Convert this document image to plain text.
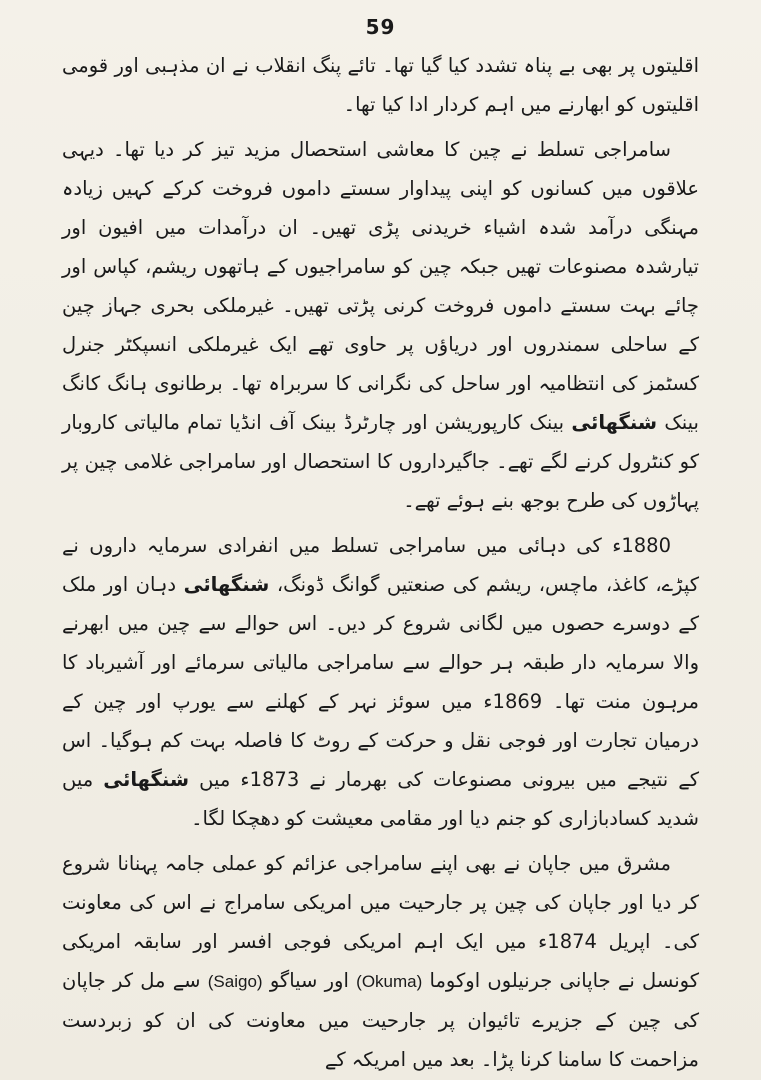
59

اقلیتوں پر بھی بے پناہ تشدد کیا گیا تھا۔ تائے پنگ انقلاب نے ان مذہبی اور قومی اقلیتوں کو ابھارنے میں اہم کردار ادا کیا تھا۔

سامراجی تسلط نے چین کا معاشی استحصال مزید تیز کر دیا تھا۔ دیہی علاقوں میں کسانوں کو اپنی پیداوار سستے داموں فروخت کرکے کہیں زیادہ مہنگی درآمد شدہ اشیاء خریدنی پڑی تھیں۔ ان درآمدات میں افیون اور تیارشدہ مصنوعات تھیں جبکہ چین کو سامراجیوں کے ہاتھوں ریشم، کپاس اور چائے بہت سستے داموں فروخت کرنی پڑتی تھیں۔ غیرملکی بحری جہاز چین کے ساحلی سمندروں اور دریاؤں پر حاوی تھے ایک غیرملکی انسپکٹر جنرل کسٹمز کی انتظامیہ اور ساحل کی نگرانی کا سربراہ تھا۔ برطانوی ہانگ کانگ بینک شنگھائی بینک کارپوریشن اور چارٹرڈ بینک آف انڈیا تمام مالیاتی کاروبار کو کنٹرول کرنے لگے تھے۔ جاگیرداروں کا استحصال اور سامراجی غلامی چین پر پہاڑوں کی طرح بوجھ بنے ہوئے تھے۔

1880ء کی دہائی میں سامراجی تسلط میں انفرادی سرمایہ داروں نے کپڑے، کاغذ، ماچس، ریشم کی صنعتیں گوانگ ڈونگ، شنگھائی دہان اور ملک کے دوسرے حصوں میں لگانی شروع کر دیں۔ اس حوالے سے چین میں ابھرنے والا سرمایہ دار طبقہ ہر حوالے سے سامراجی مالیاتی سرمائے اور آشیرباد کا مرہون منت تھا۔ 1869ء میں سوئز نہر کے کھلنے سے یورپ اور چین کے درمیان تجارت اور فوجی نقل و حرکت کے روٹ کا فاصلہ بہت کم ہوگیا۔ اس کے نتیجے میں بیرونی مصنوعات کی بھرمار نے 1873ء میں شنگھائی میں شدید کسادبازاری کو جنم دیا اور مقامی معیشت کو دھچکا لگا۔

مشرق میں جاپان نے بھی اپنے سامراجی عزائم کو عملی جامہ پہنانا شروع کر دیا اور جاپان کی چین پر جارحیت میں امریکی سامراج نے اس کی معاونت کی۔ اپریل 1874ء میں ایک اہم امریکی فوجی افسر اور سابقہ امریکی کونسل نے جاپانی جرنیلوں اوکوما (Okuma) اور سیاگو (Saigo) سے مل کر جاپان کی چین کے جزیرے تائیوان پر جارحیت میں معاونت کی ان کو زبردست مزاحمت کا سامنا کرنا پڑا۔ بعد میں امریکہ کے
